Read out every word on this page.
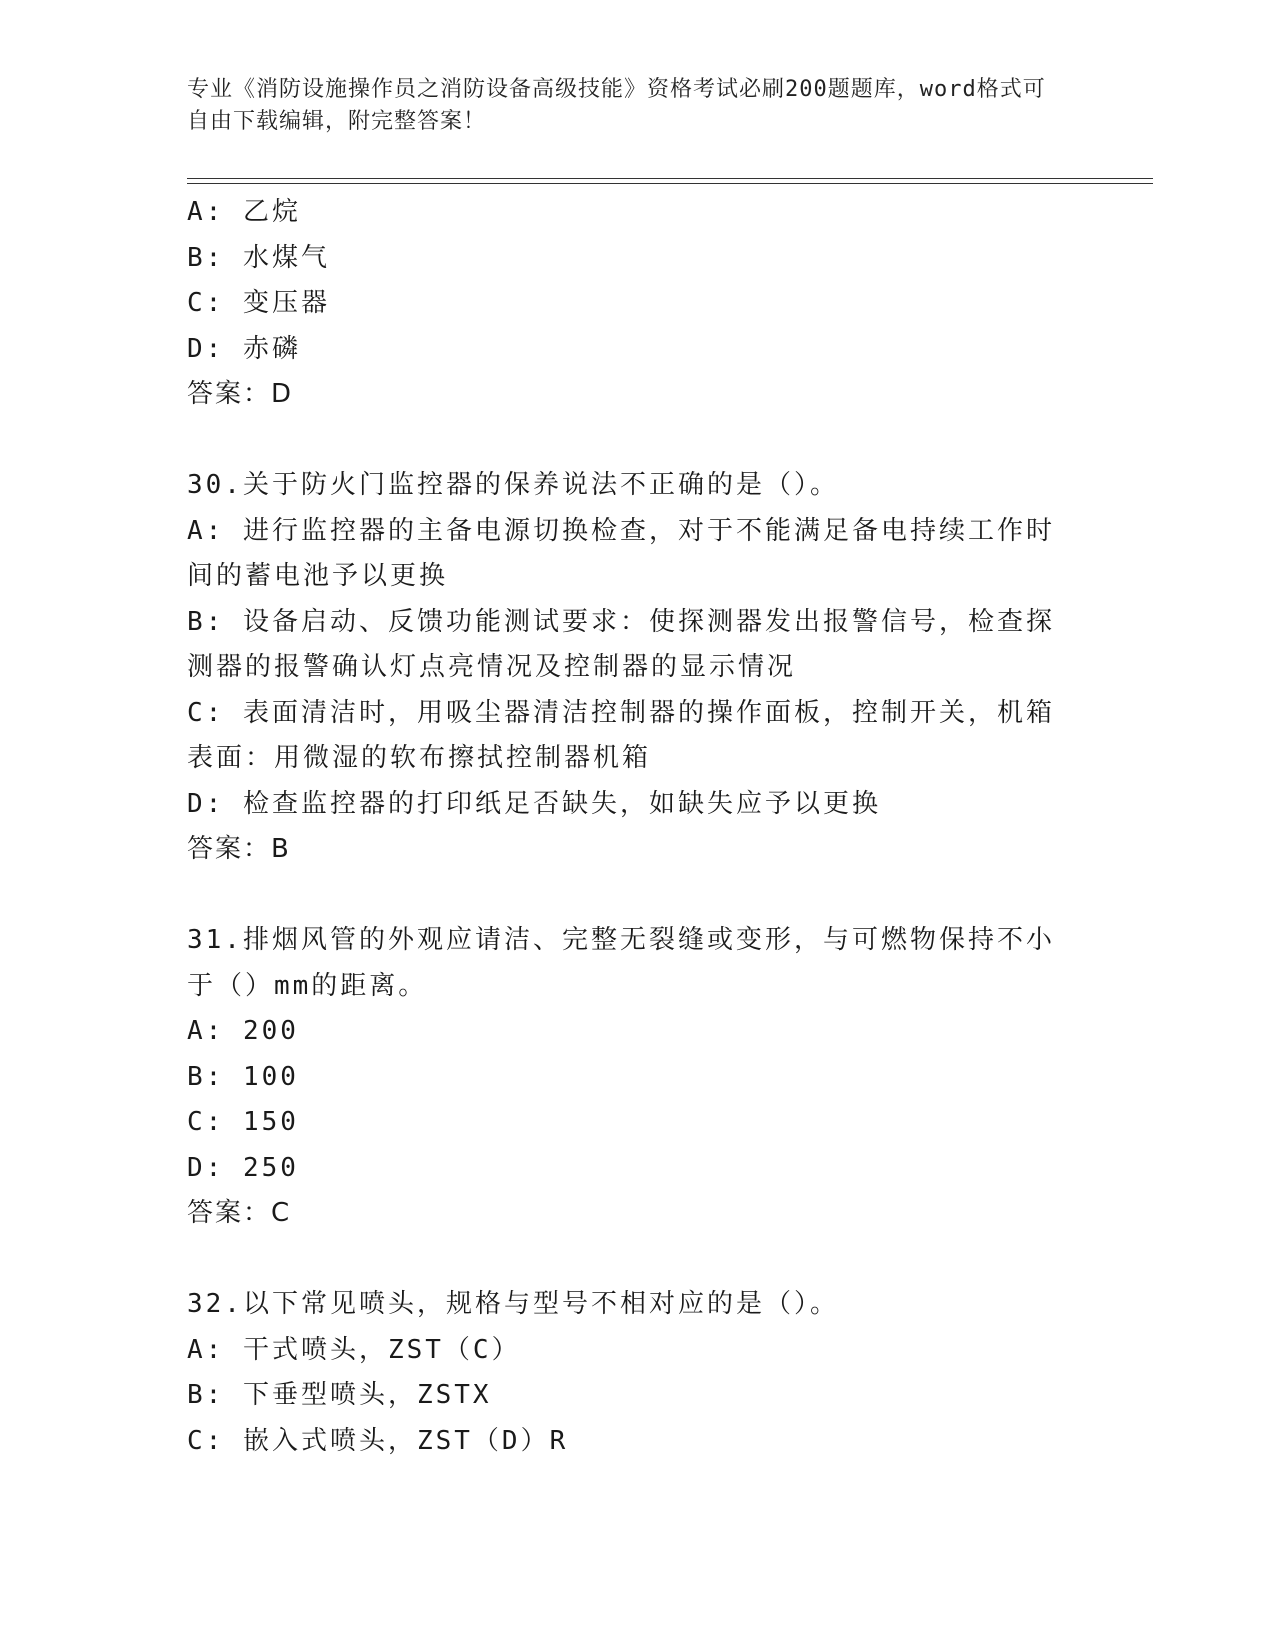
专业《消防设施操作员之消防设备高级技能》资格考试必刷200题题库，word格式可自由下载编辑，附完整答案！
A: 乙烷
B: 水煤气
C: 变压器
D: 赤磷
答案：D
30.关于防火门监控器的保养说法不正确的是（）。
A: 进行监控器的主备电源切换检查，对于不能满足备电持续工作时间的蓄电池予以更换
B: 设备启动、反馈功能测试要求：使探测器发出报警信号，检查探测器的报警确认灯点亮情况及控制器的显示情况
C: 表面清洁时，用吸尘器清洁控制器的操作面板，控制开关，机箱表面：用微湿的软布擦拭控制器机箱
D: 检查监控器的打印纸足否缺失，如缺失应予以更换
答案：B
31.排烟风管的外观应请洁、完整无裂缝或变形，与可燃物保持不小于（）mm的距离。
A: 200
B: 100
C: 150
D: 250
答案：C
32.以下常见喷头，规格与型号不相对应的是（）。
A: 干式喷头，ZST（C）
B: 下垂型喷头，ZSTX
C: 嵌入式喷头，ZST（D）R
